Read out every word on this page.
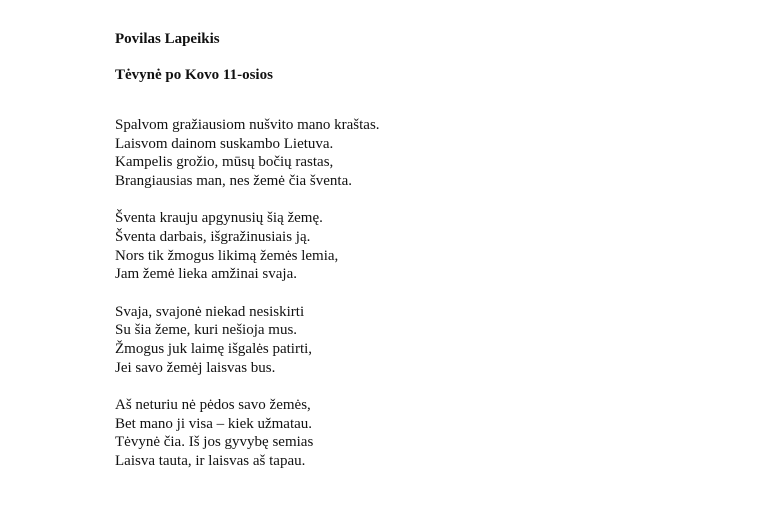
Povilas Lapeikis

Tėvynė po Kovo 11-osios

Spalvom gražiausiom nušvito mano kraštas.
Laisvom dainom suskambo Lietuva.
Kampelis grožio, mūsų bočių rastas,
Brangiausias man, nes žemė čia šventa.
Šventa krauju apgynusių šią žemę.
Šventa darbais, išgražinusiais ją.
Nors tik žmogus likimą žemės lemia,
Jam žemė lieka amžinai svaja.
Svaja, svajonė niekad nesiskirti
Su šia žeme, kuri nešioja mus.
Žmogus juk laimę išgalės patirti,
Jei savo žemėj laisvas bus.
Aš neturiu nė pėdos savo žemės,
Bet mano ji visa – kiek užmatau.
Tėvynė čia. Iš jos gyvybę semias
Laisva tauta, ir laisvas aš tapau.
